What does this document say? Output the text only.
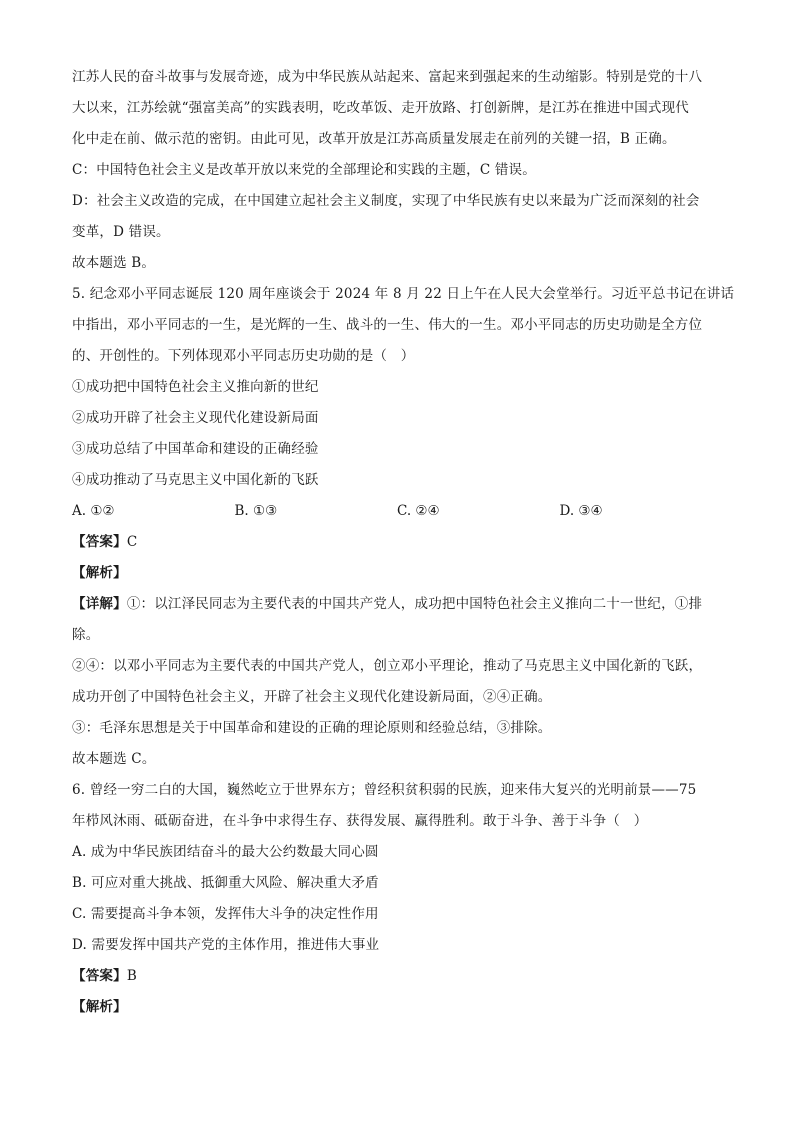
江苏人民的奋斗故事与发展奇迹，成为中华民族从站起来、富起来到强起来的生动缩影。特别是党的十八
大以来，江苏绘就“强富美高”的实践表明，吃改革饭、走开放路、打创新牌，是江苏在推进中国式现代
化中走在前、做示范的密钥。由此可见，改革开放是江苏高质量发展走在前列的关键一招，B 正确。
C：中国特色社会主义是改革开放以来党的全部理论和实践的主题，C 错误。
D：社会主义改造的完成，在中国建立起社会主义制度，实现了中华民族有史以来最为广泛而深刻的社会
变革，D 错误。
故本题选 B。
5. 纪念邓小平同志诞辰 120 周年座谈会于 2024 年 8 月 22 日上午在人民大会堂举行。习近平总书记在讲话
中指出，邓小平同志的一生，是光辉的一生、战斗的一生、伟大的一生。邓小平同志的历史功勋是全方位
的、开创性的。下列体现邓小平同志历史功勋的是（　）
①成功把中国特色社会主义推向新的世纪
②成功开辟了社会主义现代化建设新局面
③成功总结了中国革命和建设的正确经验
④成功推动了马克思主义中国化新的飞跃
A. ①②	B. ①③	C. ②④	D. ③④
【答案】C
【解析】
【详解】①：以江泽民同志为主要代表的中国共产党人，成功把中国特色社会主义推向二十一世纪，①排
除。
②④：以邓小平同志为主要代表的中国共产党人，创立邓小平理论，推动了马克思主义中国化新的飞跃，
成功开创了中国特色社会主义，开辟了社会主义现代化建设新局面，②④正确。
③：毛泽东思想是关于中国革命和建设的正确的理论原则和经验总结，③排除。
故本题选 C。
6. 曾经一穷二白的大国，巍然屹立于世界东方；曾经积贫积弱的民族，迎来伟大复兴的光明前景——75
年栉风沐雨、砥砺奋进，在斗争中求得生存、获得发展、赢得胜利。敢于斗争、善于斗争（　）
A. 成为中华民族团结奋斗的最大公约数最大同心圆
B. 可应对重大挑战、抵御重大风险、解决重大矛盾
C. 需要提高斗争本领，发挥伟大斗争的决定性作用
D. 需要发挥中国共产党的主体作用，推进伟大事业
【答案】B
【解析】
